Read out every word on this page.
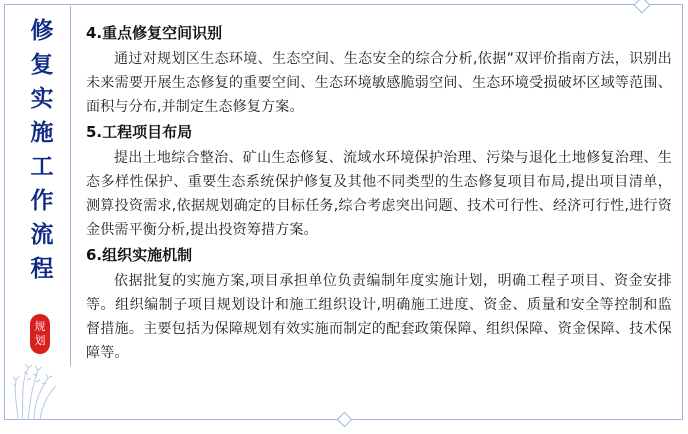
修
复
实
施
工
作
流
程
规
划
4.重点修复空间识别
通过对规划区生态环境、生态空间、生态安全的综合分析,依据”双评价指南方法，识别出未来需要开展生态修复的重要空间、生态环境敏感脆弱空间、生态环境受损破坏区域等范围、面积与分布,并制定生态修复方案。
5.工程项目布局
提出土地综合整治、矿山生态修复、流域水环境保护治理、污染与退化土地修复治理、生态多样性保护、重要生态系统保护修复及其他不同类型的生态修复项目布局,提出项目清单，测算投资需求,依据规划确定的目标任务,综合考虑突出问题、技术可行性、经济可行性,进行资金供需平衡分析,提出投资筹措方案。
6.组织实施机制
依据批复的实施方案,项目承担单位负责编制年度实施计划，明确工程子项目、资金安排等。组织编制子项目规划设计和施工组织设计,明确施工进度、资金、质量和安全等控制和监督措施。主要包括为保障规划有效实施而制定的配套政策保障、组织保障、资金保障、技术保障等。
